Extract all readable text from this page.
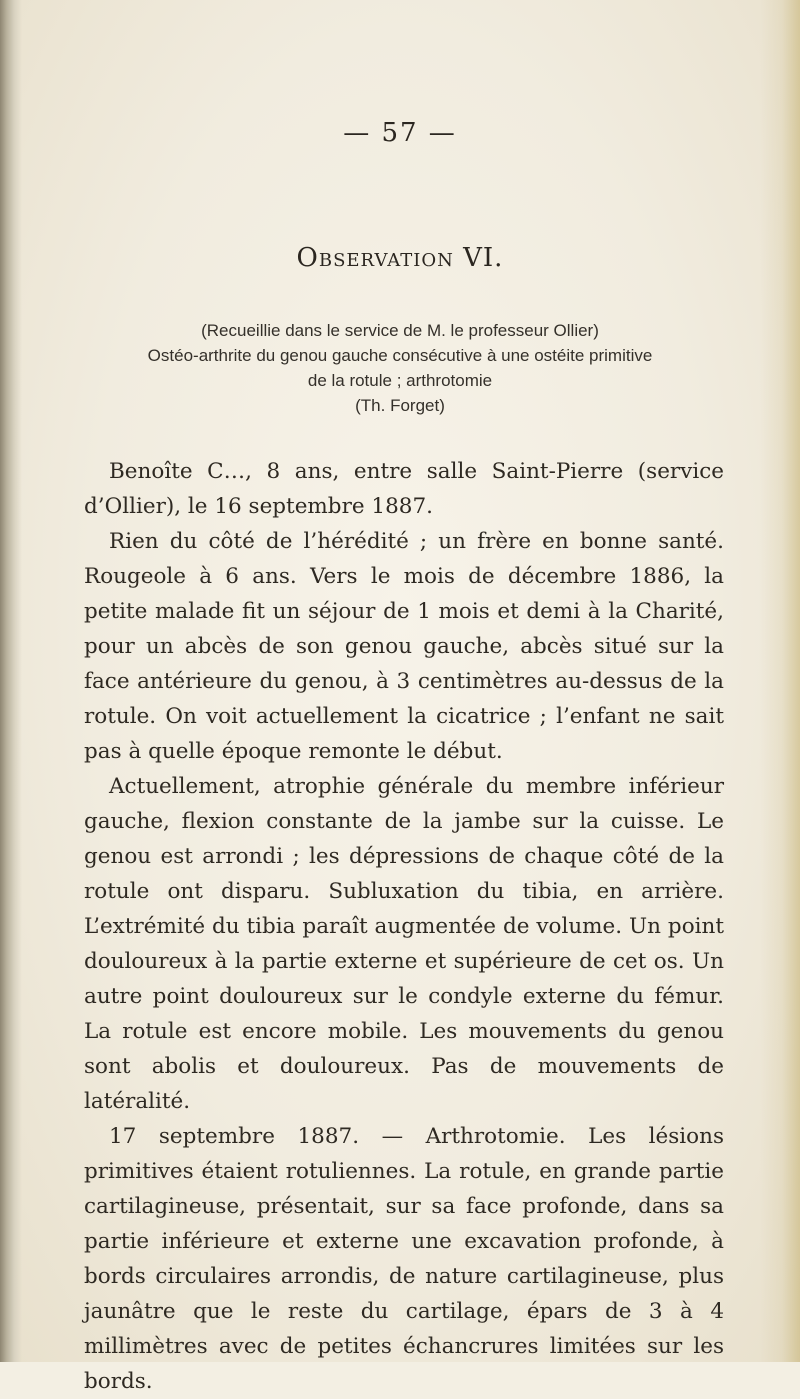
— 57 —
Observation VI.
(Recueillie dans le service de M. le professeur Ollier)
Ostéo-arthrite du genou gauche consécutive à une ostéite primitive
de la rotule ; arthrotomie
(Th. Forget)

Benoîte C…, 8 ans, entre salle Saint-Pierre (service d’Ollier), le 16 septembre 1887.

Rien du côté de l’hérédité ; un frère en bonne santé. Rougeole à 6 ans. Vers le mois de décembre 1886, la petite malade fit un séjour de 1 mois et demi à la Charité, pour un abcès de son genou gauche, abcès situé sur la face antérieure du genou, à 3 centimètres au-dessus de la rotule. On voit actuellement la cicatrice ; l’enfant ne sait pas à quelle époque remonte le début.

Actuellement, atrophie générale du membre inférieur gauche, flexion constante de la jambe sur la cuisse. Le genou est arrondi ; les dépressions de chaque côté de la rotule ont disparu. Subluxation du tibia, en arrière. L’extrémité du tibia paraît augmentée de volume. Un point douloureux à la partie externe et supérieure de cet os. Un autre point douloureux sur le condyle externe du fémur. La rotule est encore mobile. Les mouvements du genou sont abolis et douloureux. Pas de mouvements de latéralité.

17 septembre 1887. — Arthrotomie. Les lésions primitives étaient rotuliennes. La rotule, en grande partie cartilagineuse, présentait, sur sa face profonde, dans sa partie inférieure et externe une excavation profonde, à bords circulaires arrondis, de nature cartilagineuse, plus jaunâtre que le reste du cartilage, épars de 3 à 4 millimètres avec de petites échancrures limitées sur les bords.
